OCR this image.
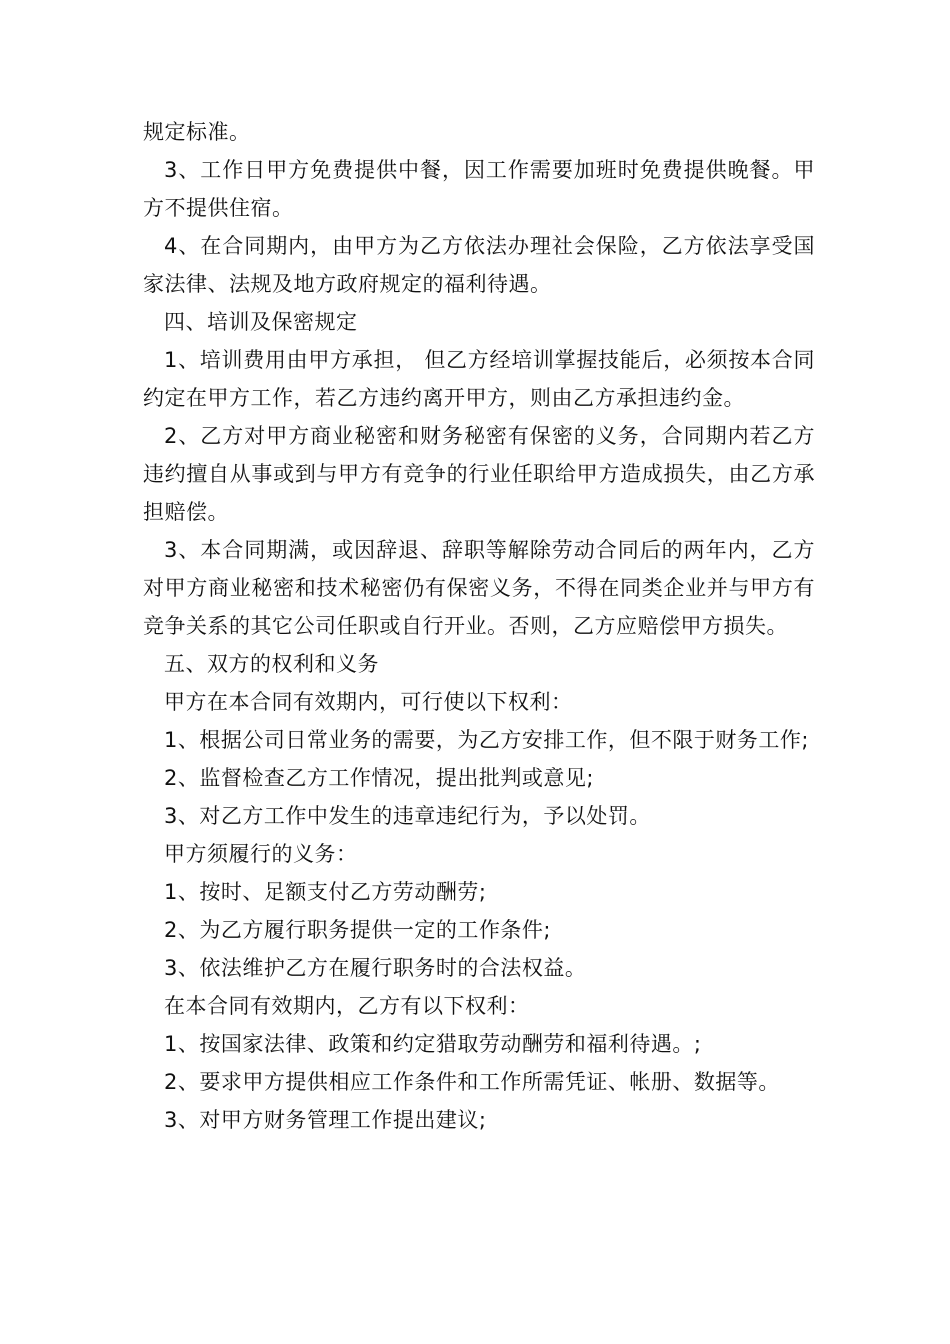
规定标准。

3、工作日甲方免费提供中餐，因工作需要加班时免费提供晚餐。甲方不提供住宿。

4、在合同期内，由甲方为乙方依法办理社会保险，乙方依法享受国家法律、法规及地方政府规定的福利待遇。

四、培训及保密规定

1、培训费用由甲方承担， 但乙方经培训掌握技能后，必须按本合同约定在甲方工作，若乙方违约离开甲方，则由乙方承担违约金。

2、乙方对甲方商业秘密和财务秘密有保密的义务，合同期内若乙方违约擅自从事或到与甲方有竞争的行业任职给甲方造成损失，由乙方承担赔偿。

3、本合同期满，或因辞退、辞职等解除劳动合同后的两年内，乙方对甲方商业秘密和技术秘密仍有保密义务，不得在同类企业并与甲方有竞争关系的其它公司任职或自行开业。否则，乙方应赔偿甲方损失。

五、双方的权利和义务

甲方在本合同有效期内，可行使以下权利：

1、根据公司日常业务的需要，为乙方安排工作，但不限于财务工作;

2、监督检查乙方工作情况，提出批判或意见;

3、对乙方工作中发生的违章违纪行为，予以处罚。

甲方须履行的义务：

1、按时、足额支付乙方劳动酬劳;

2、为乙方履行职务提供一定的工作条件;

3、依法维护乙方在履行职务时的合法权益。

在本合同有效期内，乙方有以下权利：

1、按国家法律、政策和约定猎取劳动酬劳和福利待遇。;

2、要求甲方提供相应工作条件和工作所需凭证、帐册、数据等。

3、对甲方财务管理工作提出建议;
